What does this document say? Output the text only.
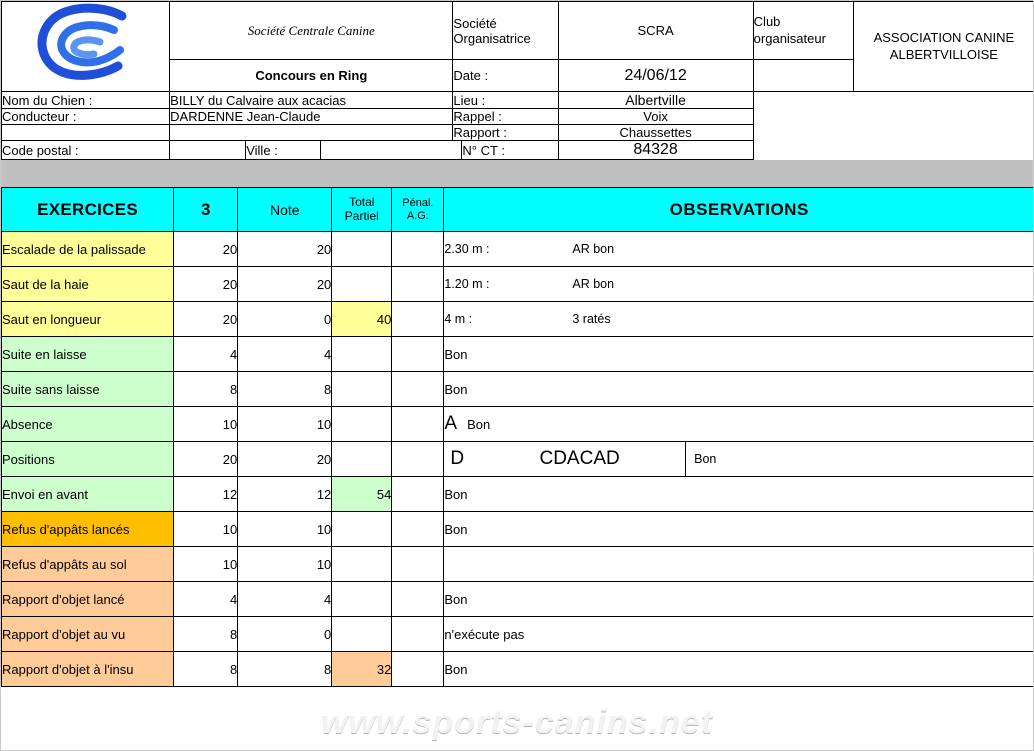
	Société Centrale Canine			Société Organisatrice		SCRA	Club organisateur	ASSOCIATION CANINE ALBERTVILLOISE
	Concours en Ring			Date :		24/06/12		
Nom du Chien :	BILLY du Calvaire aux acacias			Lieu :		Albertville		
Conducteur :	DARDENNE Jean-Claude			Rappel :		Voix		
				Rapport :		Chaussettes		
Code postal :		Ville :			N° CT :	84328		
EXERCICES	3	Note	Total Partiel	Pénal. A.G.	OBSERVATIONS
Escalade de la palissade	20	20			2.30 m : AR bon

Saut de la haie	20	20			1.20 m : AR bon

Saut en longueur	20	0	40		4 m : 3 ratés

Suite en laisse	4	4			Bon
Suite sans laisse	8	8			Bon
Absence	10	10			A Bon

Positions	20	20			D CDACAD Bon

Envoi en avant	12	12	54		Bon
Refus d'appâts lancés	10	10			Bon
Refus d'appâts au sol	10	10			
Rapport d'objet lancé	4	4			Bon
Rapport d'objet au vu	8	0			n'exécute pas
Rapport d'objet à l'insu	8	8	32		Bon
www.sports-canins.net
